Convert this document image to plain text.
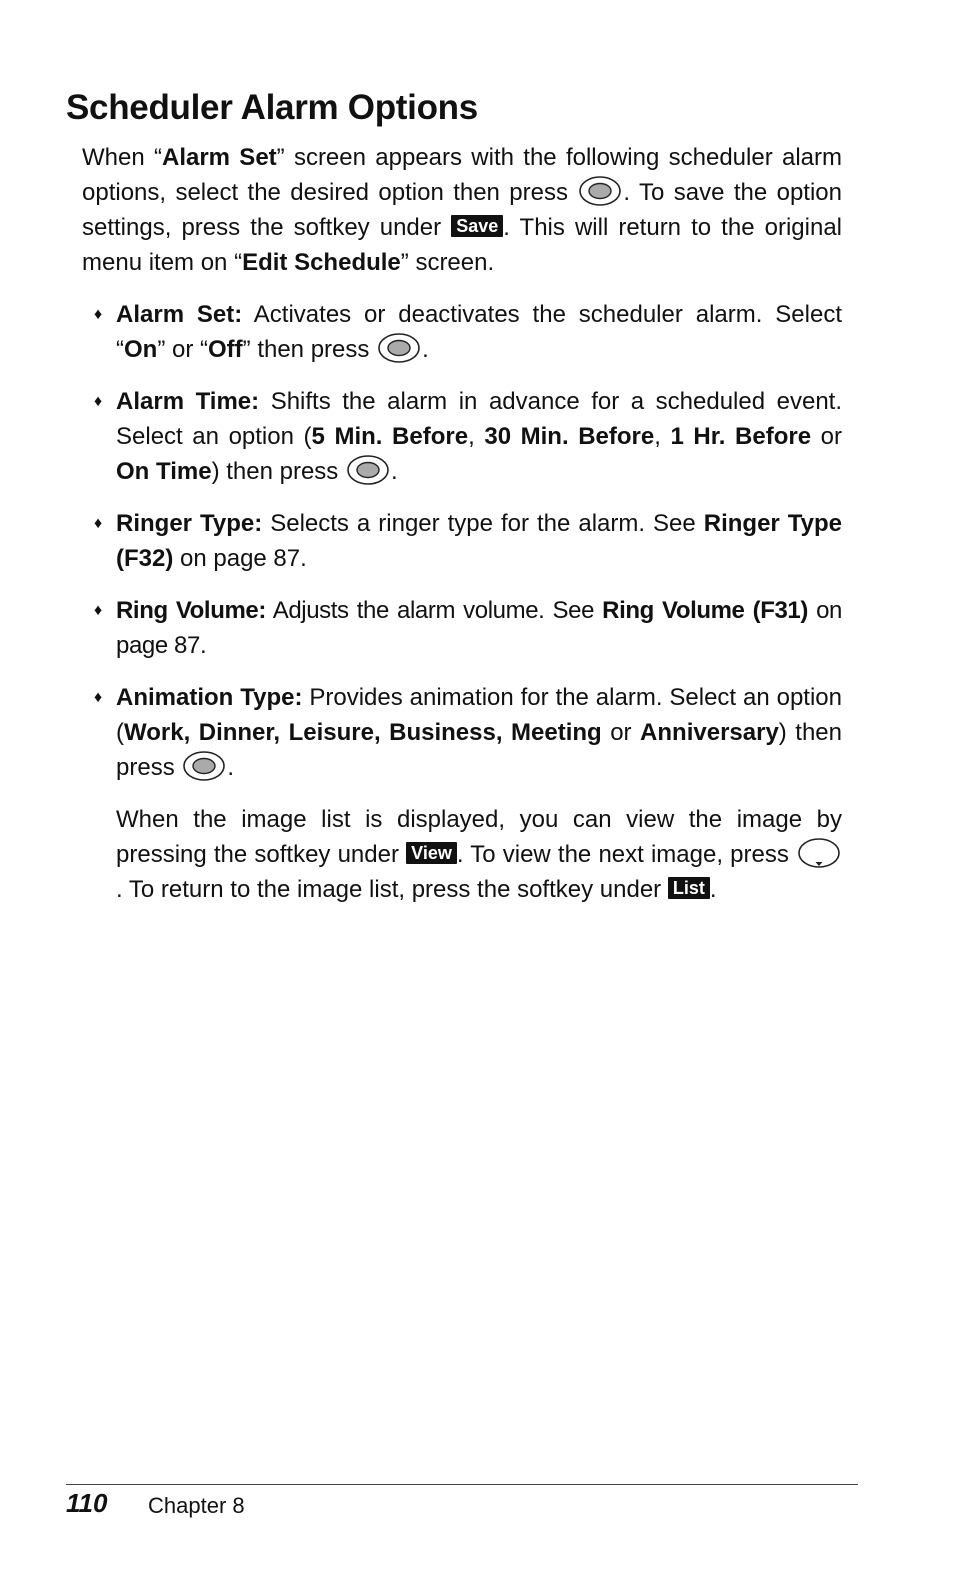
Scheduler Alarm Options

When “Alarm Set” screen appears with the following scheduler alarm options, select the desired option then press . To save the option settings, press the softkey under Save . This will return to the original menu item on “Edit Schedule” screen.

♦ Alarm Set: Activates or deactivates the scheduler alarm. Select “On” or “Off” then press .
♦ Alarm Time: Shifts the alarm in advance for a scheduled event. Select an option (5 Min. Before, 30 Min. Before, 1 Hr. Before or On Time) then press .
♦ Ringer Type: Selects a ringer type for the alarm. See Ringer Type (F32) on page 87.
♦ Ring Volume: Adjusts the alarm volume. See Ring Volume (F31) on page 87.
♦ Animation Type: Provides animation for the alarm. Select an option (Work, Dinner, Leisure, Business, Meeting or Anniversary) then press .

When the image list is displayed, you can view the image by pressing the softkey under View . To view the next image, press . To return to the image list, press the softkey under List .

110 Chapter 8
